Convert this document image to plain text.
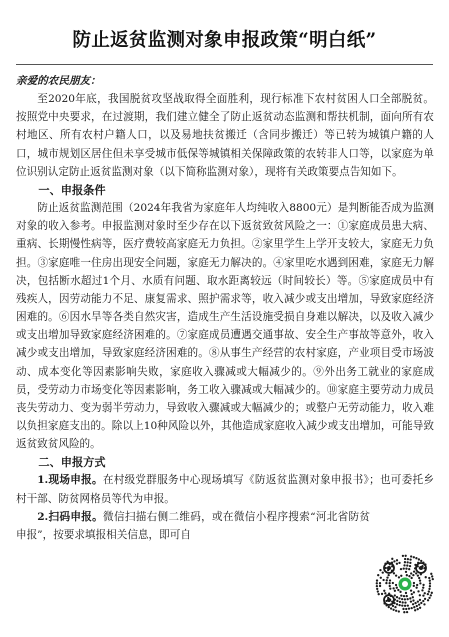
防止返贫监测对象申报政策“明白纸”

亲爱的农民朋友：

至2020年底，我国脱贫攻坚战取得全面胜利，现行标准下农村贫困人口全部脱贫。按照党中央要求，在过渡期，我们建立健全了防止返贫动态监测和帮扶机制，面向所有农村地区、所有农村户籍人口，以及易地扶贫搬迁（含同步搬迁）等已转为城镇户籍的人口，城市规划区居住但未享受城市低保等城镇相关保障政策的农转非人口等，以家庭为单位识别认定防止返贫监测对象（以下简称监测对象），现将有关政策要点告知如下。

一、申报条件

防止返贫监测范围（2024年我省为家庭年人均纯收入8800元）是判断能否成为监测对象的收入参考。申报监测对象时至少存在以下返贫致贫风险之一：①家庭成员患大病、重病、长期慢性病等，医疗费较高家庭无力负担。②家里学生上学开支较大，家庭无力负担。③家庭唯一住房出现安全问题，家庭无力解决的。④家里吃水遇到困难，家庭无力解决，包括断水超过1个月、水质有问题、取水距离较远（时间较长）等。⑤家庭成员中有残疾人，因劳动能力不足、康复需求、照护需求等，收入减少或支出增加，导致家庭经济困难的。⑥因水旱等各类自然灾害，造成生产生活设施受损自身难以解决，以及收入减少或支出增加导致家庭经济困难的。⑦家庭成员遭遇交通事故、安全生产事故等意外，收入减少或支出增加，导致家庭经济困难的。⑧从事生产经营的农村家庭，产业项目受市场波动、成本变化等因素影响失败，家庭收入骤减或大幅减少的。⑨外出务工就业的家庭成员，受劳动力市场变化等因素影响，务工收入骤减或大幅减少的。⑩家庭主要劳动力成员丧失劳动力、变为弱半劳动力，导致收入骤减或大幅减少的；或整户无劳动能力，收入难以负担家庭支出的。除以上10种风险以外，其他造成家庭收入减少或支出增加，可能导致返贫致贫风险的。

二、申报方式

1.现场申报。在村级党群服务中心现场填写《防返贫监测对象申报书》；也可委托乡村干部、防贫网格员等代为申报。

2.扫码申报。微信扫描右侧二维码，或在微信小程序搜索“河北省防贫申报”，按要求填报相关信息，即可自
